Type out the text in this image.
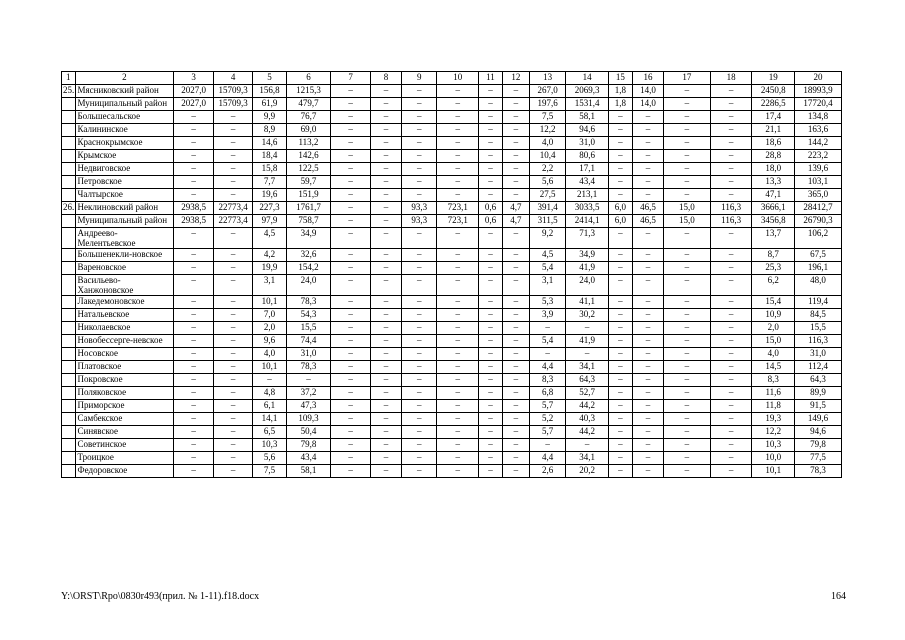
1	2	3	4	5	6	7	8	9	10	11	12	13	14	15	16	17	18	19	20
25.	Мясниковский район	2027,0	15709,3	156,8	1215,3	–	–	–	–	–	–	267,0	2069,3	1,8	14,0	–	–	2450,8	18993,9
	Муниципальный район	2027,0	15709,3	61,9	479,7	–	–	–	–	–	–	197,6	1531,4	1,8	14,0	–	–	2286,5	17720,4
	Большесальское	–	–	9,9	76,7	–	–	–	–	–	–	7,5	58,1	–	–	–	–	17,4	134,8
	Калининское	–	–	8,9	69,0	–	–	–	–	–	–	12,2	94,6	–	–	–	–	21,1	163,6
	Краснокрымское	–	–	14,6	113,2	–	–	–	–	–	–	4,0	31,0	–	–	–	–	18,6	144,2
	Крымское	–	–	18,4	142,6	–	–	–	–	–	–	10,4	80,6	–	–	–	–	28,8	223,2
	Недвиговское	–	–	15,8	122,5	–	–	–	–	–	–	2,2	17,1	–	–	–	–	18,0	139,6
	Петровское	–	–	7,7	59,7	–	–	–	–	–	–	5,6	43,4	–	–	–	–	13,3	103,1
	Чалтырское	–	–	19,6	151,9	–	–	–	–	–	–	27,5	213,1	–	–	–	–	47,1	365,0
26.	Неклиновский район	2938,5	22773,4	227,3	1761,7	–	–	93,3	723,1	0,6	4,7	391,4	3033,5	6,0	46,5	15,0	116,3	3666,1	28412,7
	Муниципальный район	2938,5	22773,4	97,9	758,7	–	–	93,3	723,1	0,6	4,7	311,5	2414,1	6,0	46,5	15,0	116,3	3456,8	26790,3
	Андреево-Мелентьевское	–	–	4,5	34,9	–	–	–	–	–	–	9,2	71,3	–	–	–	–	13,7	106,2
	Большенекли-новское	–	–	4,2	32,6	–	–	–	–	–	–	4,5	34,9	–	–	–	–	8,7	67,5
	Вареновское	–	–	19,9	154,2	–	–	–	–	–	–	5,4	41,9	–	–	–	–	25,3	196,1
	Васильево-Ханжоновское	–	–	3,1	24,0	–	–	–	–	–	–	3,1	24,0	–	–	–	–	6,2	48,0
	Лакедемоновское	–	–	10,1	78,3	–	–	–	–	–	–	5,3	41,1	–	–	–	–	15,4	119,4
	Натальевское	–	–	7,0	54,3	–	–	–	–	–	–	3,9	30,2	–	–	–	–	10,9	84,5
	Николаевское	–	–	2,0	15,5	–	–	–	–	–	–	–	–	–	–	–	–	2,0	15,5
	Новобессерге-невское	–	–	9,6	74,4	–	–	–	–	–	–	5,4	41,9	–	–	–	–	15,0	116,3
	Носовское	–	–	4,0	31,0	–	–	–	–	–	–	–	–	–	–	–	–	4,0	31,0
	Платовское	–	–	10,1	78,3	–	–	–	–	–	–	4,4	34,1	–	–	–	–	14,5	112,4
	Покровское	–	–	–	–	–	–	–	–	–	–	8,3	64,3	–	–	–	–	8,3	64,3
	Поляковское	–	–	4,8	37,2	–	–	–	–	–	–	6,8	52,7	–	–	–	–	11,6	89,9
	Приморское	–	–	6,1	47,3	–	–	–	–	–	–	5,7	44,2	–	–	–	–	11,8	91,5
	Самбекское	–	–	14,1	109,3	–	–	–	–	–	–	5,2	40,3	–	–	–	–	19,3	149,6
	Синявское	–	–	6,5	50,4	–	–	–	–	–	–	5,7	44,2	–	–	–	–	12,2	94,6
	Советинское	–	–	10,3	79,8	–	–	–	–	–	–	–	–	–	–	–	–	10,3	79,8
	Троицкое	–	–	5,6	43,4	–	–	–	–	–	–	4,4	34,1	–	–	–	–	10,0	77,5
	Федоровское	–	–	7,5	58,1	–	–	–	–	–	–	2,6	20,2	–	–	–	–	10,1	78,3
Y:\ORST\Rpo\0830r493(прил. № 1-11).f18.docx	164
